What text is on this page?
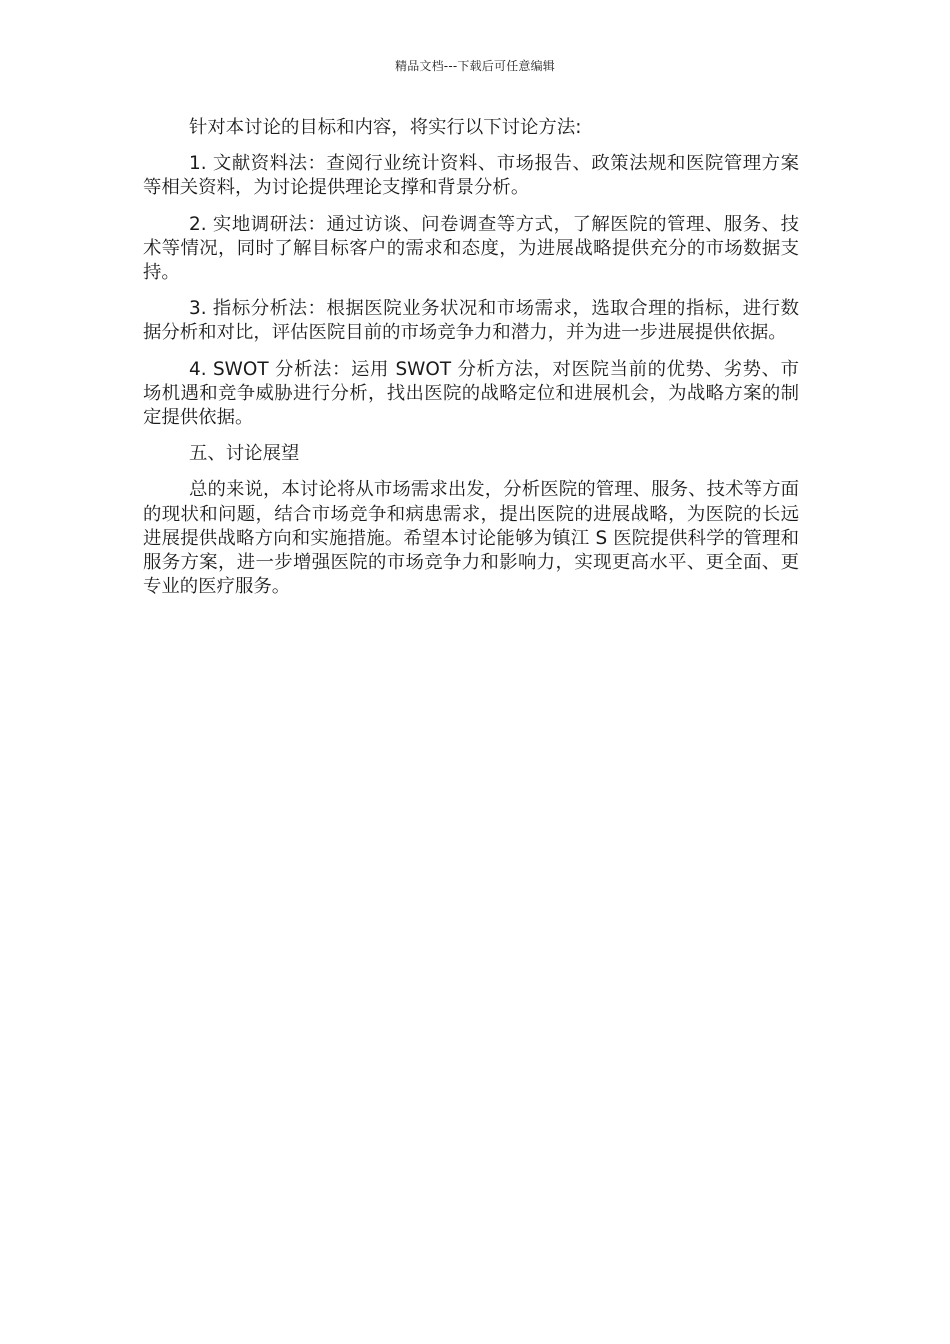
精品文档---下载后可任意编辑

针对本讨论的目标和内容，将实行以下讨论方法:

1. 文献资料法：查阅行业统计资料、市场报告、政策法规和医院管理方案等相关资料，为讨论提供理论支撑和背景分析。

2. 实地调研法：通过访谈、问卷调查等方式，了解医院的管理、服务、技术等情况，同时了解目标客户的需求和态度，为进展战略提供充分的市场数据支持。

3. 指标分析法：根据医院业务状况和市场需求，选取合理的指标，进行数据分析和对比，评估医院目前的市场竞争力和潜力，并为进一步进展提供依据。

4. SWOT 分析法：运用 SWOT 分析方法，对医院当前的优势、劣势、市场机遇和竞争威胁进行分析，找出医院的战略定位和进展机会，为战略方案的制定提供依据。

五、讨论展望

总的来说，本讨论将从市场需求出发，分析医院的管理、服务、技术等方面的现状和问题，结合市场竞争和病患需求，提出医院的进展战略，为医院的长远进展提供战略方向和实施措施。希望本讨论能够为镇江 S 医院提供科学的管理和服务方案，进一步增强医院的市场竞争力和影响力，实现更高水平、更全面、更专业的医疗服务。
